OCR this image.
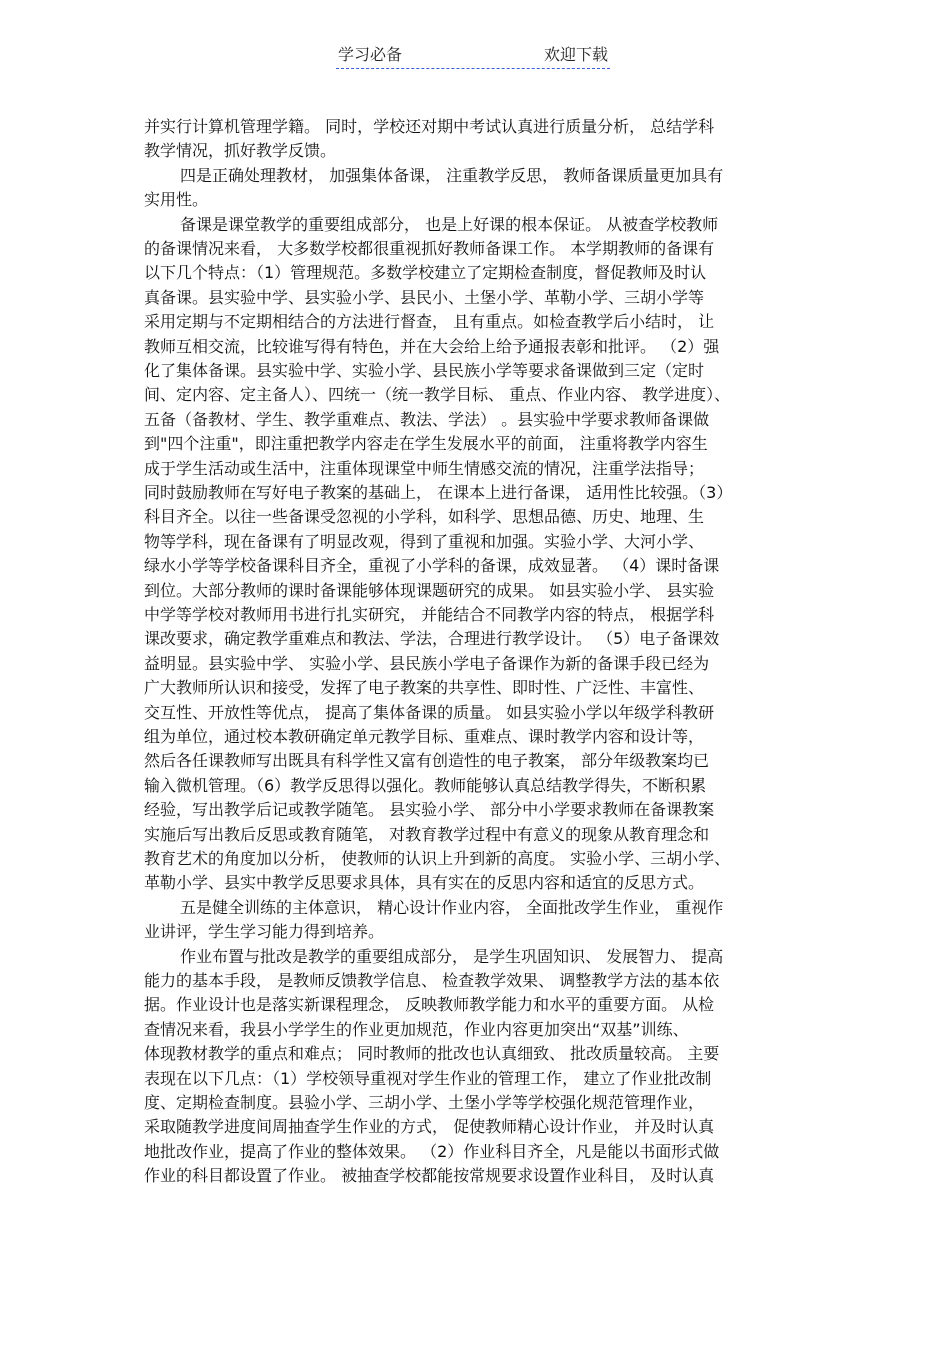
学习必备	欢迎下载
并实行计算机管理学籍。 同时，学校还对期中考试认真进行质量分析， 总结学科
教学情况，抓好教学反馈。
四是正确处理教材， 加强集体备课， 注重教学反思， 教师备课质量更加具有
实用性。
备课是课堂教学的重要组成部分， 也是上好课的根本保证。 从被查学校教师
的备课情况来看， 大多数学校都很重视抓好教师备课工作。 本学期教师的备课有
以下几个特点：（1）管理规范。多数学校建立了定期检查制度，督促教师及时认
真备课。县实验中学、县实验小学、县民小、土堡小学、革勒小学、三胡小学等
采用定期与不定期相结合的方法进行督查， 且有重点。如检查教学后小结时， 让
教师互相交流，比较谁写得有特色，并在大会给上给予通报表彰和批评。 （2）强
化了集体备课。县实验中学、实验小学、县民族小学等要求备课做到三定（定时
间、定内容、定主备人）、四统一（统一教学目标、 重点、作业内容、 教学进度）、
五备（备教材、学生、教学重难点、教法、学法） 。县实验中学要求教师备课做
到"四个注重"，即注重把教学内容走在学生发展水平的前面， 注重将教学内容生
成于学生活动或生活中，注重体现课堂中师生情感交流的情况，注重学法指导；
同时鼓励教师在写好电子教案的基础上， 在课本上进行备课， 适用性比较强。（3）
科目齐全。以往一些备课受忽视的小学科，如科学、思想品德、历史、地理、生
物等学科，现在备课有了明显改观，得到了重视和加强。实验小学、大河小学、
绿水小学等学校备课科目齐全，重视了小学科的备课，成效显著。 （4）课时备课
到位。大部分教师的课时备课能够体现课题研究的成果。 如县实验小学、 县实验
中学等学校对教师用书进行扎实研究， 并能结合不同教学内容的特点， 根据学科
课改要求，确定教学重难点和教法、学法，合理进行教学设计。 （5）电子备课效
益明显。县实验中学、 实验小学、县民族小学电子备课作为新的备课手段已经为
广大教师所认识和接受，发挥了电子教案的共享性、即时性、广泛性、丰富性、
交互性、开放性等优点， 提高了集体备课的质量。 如县实验小学以年级学科教研
组为单位，通过校本教研确定单元教学目标、重难点、课时教学内容和设计等，
然后各任课教师写出既具有科学性又富有创造性的电子教案， 部分年级教案均已
输入微机管理。（6）教学反思得以强化。教师能够认真总结教学得失，不断积累
经验，写出教学后记或教学随笔。 县实验小学、 部分中小学要求教师在备课教案
实施后写出教后反思或教育随笔， 对教育教学过程中有意义的现象从教育理念和
教育艺术的角度加以分析， 使教师的认识上升到新的高度。 实验小学、三胡小学、
革勒小学、县实中教学反思要求具体，具有实在的反思内容和适宜的反思方式。
五是健全训练的主体意识， 精心设计作业内容， 全面批改学生作业， 重视作
业讲评，学生学习能力得到培养。
作业布置与批改是教学的重要组成部分， 是学生巩固知识、 发展智力、 提高
能力的基本手段， 是教师反馈教学信息、 检查教学效果、 调整教学方法的基本依
据。作业设计也是落实新课程理念， 反映教师教学能力和水平的重要方面。 从检
查情况来看，我县小学学生的作业更加规范，作业内容更加突出“双基”训练、
体现教材教学的重点和难点； 同时教师的批改也认真细致、 批改质量较高。 主要
表现在以下几点：（1）学校领导重视对学生作业的管理工作， 建立了作业批改制
度、定期检查制度。县验小学、三胡小学、土堡小学等学校强化规范管理作业，
采取随教学进度间周抽查学生作业的方式， 促使教师精心设计作业， 并及时认真
地批改作业，提高了作业的整体效果。 （2）作业科目齐全，凡是能以书面形式做
作业的科目都设置了作业。 被抽查学校都能按常规要求设置作业科目， 及时认真
